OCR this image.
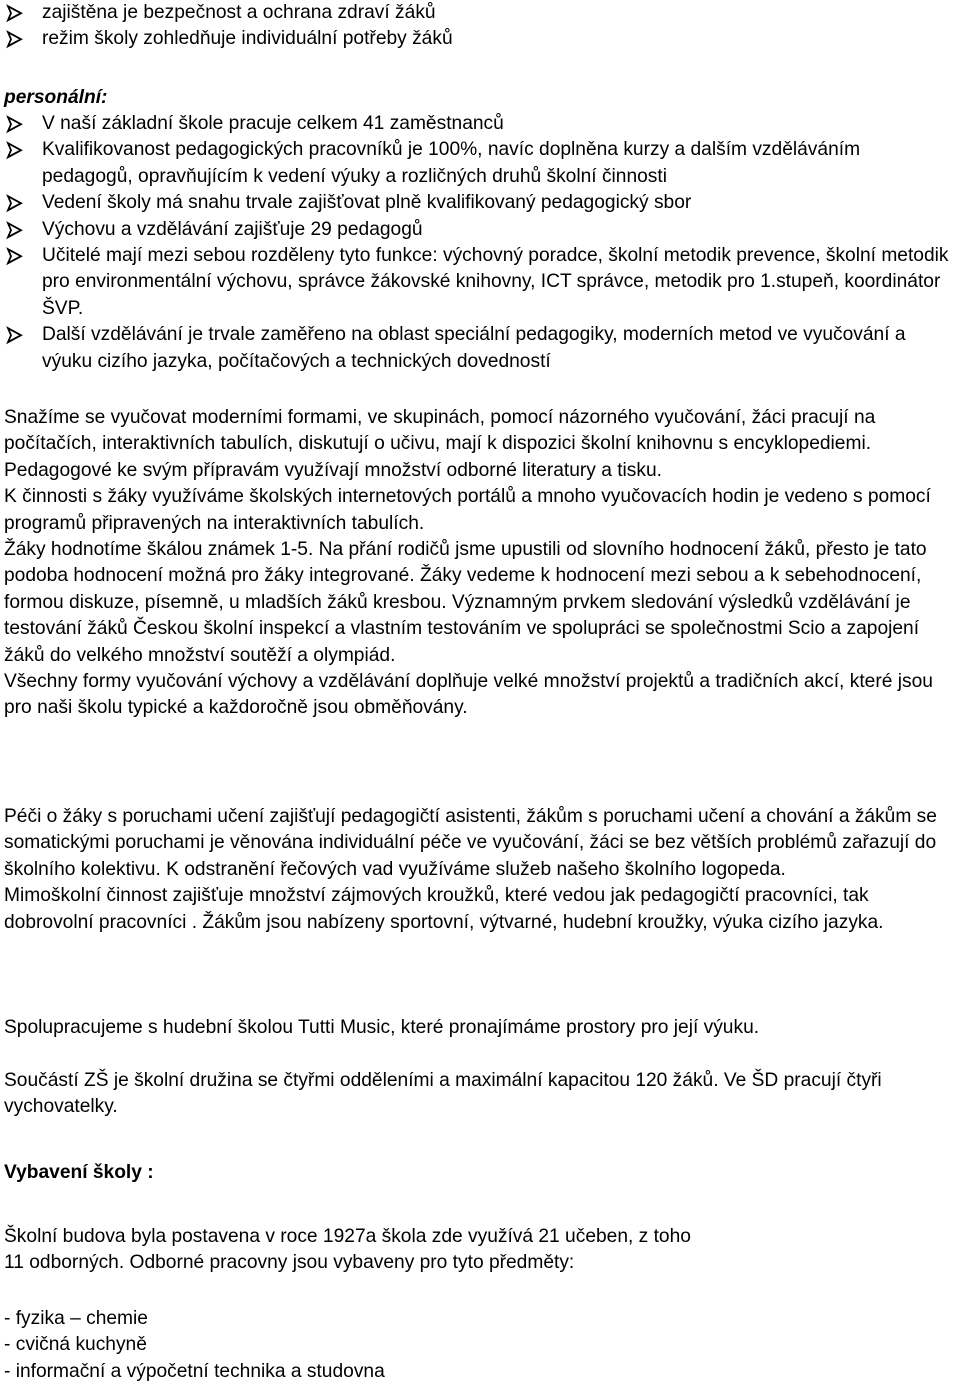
zajištěna je bezpečnost a ochrana zdraví žáků
režim školy zohledňuje individuální potřeby žáků
personální:
V naší základní škole pracuje celkem 41 zaměstnanců
Kvalifikovanost pedagogických pracovníků je 100%, navíc doplněna kurzy a dalším vzděláváním pedagogů, opravňujícím k vedení výuky a rozličných druhů školní činnosti
Vedení školy má snahu trvale zajišťovat plně kvalifikovaný pedagogický sbor
Výchovu a vzdělávání zajišťuje 29 pedagogů
Učitelé mají mezi sebou rozděleny tyto funkce: výchovný poradce, školní metodik prevence, školní metodik pro environmentální výchovu, správce žákovské knihovny, ICT správce, metodik pro 1.stupeň, koordinátor ŠVP.
Další vzdělávání je trvale zaměřeno na oblast speciální pedagogiky, moderních metod ve vyučování a výuku cizího jazyka, počítačových a technických dovedností
Snažíme se vyučovat moderními formami, ve skupinách, pomocí názorného vyučování, žáci pracují na počítačích, interaktivních tabulích, diskutují o učivu, mají k dispozici školní knihovnu s encyklopediemi. Pedagogové ke svým přípravám využívají množství odborné literatury a tisku.
K činnosti s žáky využíváme školských internetových portálů a mnoho vyučovacích hodin je vedeno s pomocí programů připravených na interaktivních tabulích.
Žáky hodnotíme škálou známek 1-5. Na přání rodičů jsme upustili od slovního hodnocení žáků, přesto je tato podoba hodnocení možná pro žáky integrované. Žáky vedeme k hodnocení mezi sebou a k sebehodnocení, formou diskuze, písemně, u mladších žáků kresbou. Významným prvkem sledování výsledků vzdělávání je testování žáků Českou školní inspekcí a vlastním testováním ve spolupráci se společnostmi Scio a zapojení žáků do velkého množství soutěží a olympiád.
Všechny formy vyučování výchovy a vzdělávání doplňuje velké množství projektů a tradičních akcí, které jsou pro naši školu typické a každoročně jsou obměňovány.
Péči o žáky s poruchami učení zajišťují pedagogičtí asistenti, žákům s poruchami učení a chování a žákům se somatickými poruchami je věnována individuální péče ve vyučování, žáci se bez větších problémů zařazují do školního kolektivu. K odstranění řečových vad využíváme služeb našeho školního logopeda.
Mimoškolní činnost zajišťuje množství zájmových kroužků, které vedou jak pedagogičtí pracovníci, tak dobrovolní pracovníci . Žákům jsou nabízeny sportovní, výtvarné, hudební kroužky, výuka cizího jazyka.
Spolupracujeme s hudební školou Tutti Music, které pronajímáme prostory pro její výuku.
Součástí ZŠ je školní družina se čtyřmi odděleními a maximální kapacitou 120 žáků. Ve ŠD pracují čtyři vychovatelky.
Vybavení školy :
Školní budova byla postavena v roce 1927a škola zde využívá 21 učeben, z toho
11 odborných. Odborné pracovny jsou vybaveny pro tyto předměty:
- fyzika – chemie
- cvičná kuchyně
- informační a výpočetní technika a studovna
